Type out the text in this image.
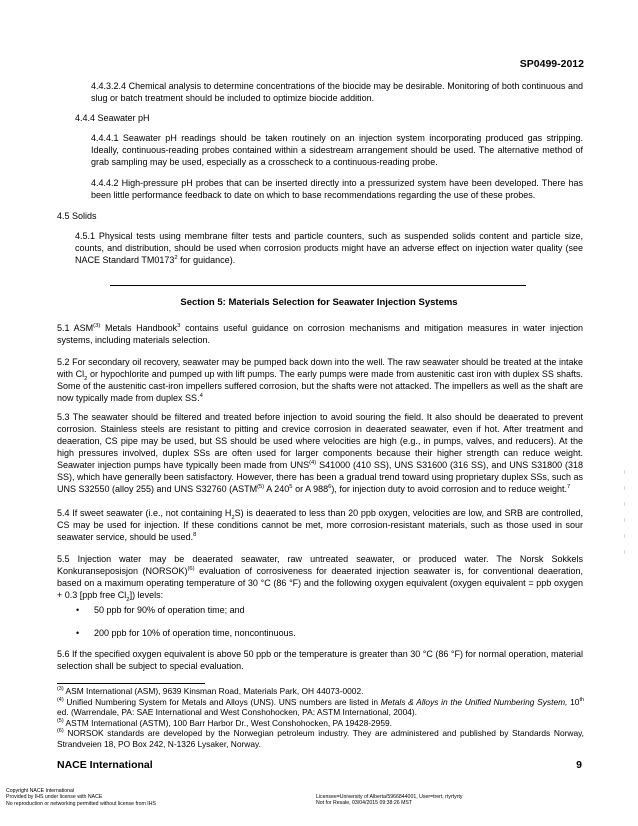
SP0499-2012

4.4.3.2.4 Chemical analysis to determine concentrations of the biocide may be desirable. Monitoring of both continuous and slug or batch treatment should be included to optimize biocide addition.

4.4.4 Seawater pH

4.4.4.1 Seawater pH readings should be taken routinely on an injection system incorporating produced gas stripping. Ideally, continuous-reading probes contained within a sidestream arrangement should be used. The alternative method of grab sampling may be used, especially as a crosscheck to a continuous-reading probe.

4.4.4.2 High-pressure pH probes that can be inserted directly into a pressurized system have been developed. There has been little performance feedback to date on which to base recommendations regarding the use of these probes.

4.5 Solids

4.5.1 Physical tests using membrane filter tests and particle counters, such as suspended solids content and particle size, counts, and distribution, should be used when corrosion products might have an adverse effect on injection water quality (see NACE Standard TM0173$^2$ for guidance).

Section 5: Materials Selection for Seawater Injection Systems

5.1 ASM$^{(3)}$ Metals Handbook$^3$ contains useful guidance on corrosion mechanisms and mitigation measures in water injection systems, including materials selection.

5.2 For secondary oil recovery, seawater may be pumped back down into the well. The raw seawater should be treated at the intake with $Cl_2$ or hypochlorite and pumped up with lift pumps. The early pumps were made from austenitic cast iron with duplex SS shafts. Some of the austenitic cast-iron impellers suffered corrosion, but the shafts were not attacked. The impellers as well as the shaft are now typically made from duplex SS.$^4$

5.3 The seawater should be filtered and treated before injection to avoid souring the field. It also should be deaerated to prevent corrosion. Stainless steels are resistant to pitting and crevice corrosion in deaerated seawater, even if hot. After treatment and deaeration, CS pipe may be used, but SS should be used where velocities are high (e.g., in pumps, valves, and reducers). At the high pressures involved, duplex SSs are often used for larger components because their higher strength can reduce weight. Seawater injection pumps have typically been made from UNS$^{(4)}$ S41000 (410 SS), UNS S31600 (316 SS), and UNS S31800 (318 SS), which have generally been satisfactory. However, there has been a gradual trend toward using proprietary duplex SSs, such as UNS S32550 (alloy 255) and UNS S32760 (ASTM$^{(5)}$ A $240^5$ or A $988^6$), for injection duty to avoid corrosion and to reduce weight.$^7$

5.4 If sweet seawater (i.e., not containing $H_2S$) is deaerated to less than 20 ppb oxygen, velocities are low, and SRB are controlled, CS may be used for injection. If these conditions cannot be met, more corrosion-resistant materials, such as those used in sour seawater service, should be used.$^8$

5.5 Injection water may be deaerated seawater, raw untreated seawater, or produced water. The Norsk Sokkels Konkuranseposisjon (NORSOK)$^{(6)}$ evaluation of corrosiveness for deaerated injection seawater is, for conventional deaeration, based on a maximum operating temperature of 30 °C (86 °F) and the following oxygen equivalent (oxygen equivalent = ppb oxygen + 0.3 [ppb free $Cl_2$]) levels:

• 50 ppb for 90% of operation time; and
• 200 ppb for 10% of operation time, noncontinuous.

5.6 If the specified oxygen equivalent is above 50 ppb or the temperature is greater than 30 °C (86 °F) for normal operation, material selection shall be subject to special evaluation.

$^{(3)}$ ASM International (ASM), 9639 Kinsman Road, Materials Park, OH 44073-0002.

$^{(4)}$ Unified Numbering System for Metals and Alloys (UNS). UNS numbers are listed in Metals & Alloys in the Unified Numbering System, 10th ed. (Warrendale, PA: SAE International and West Conshohocken, PA: ASTM International, 2004).

$^{(5)}$ ASTM International (ASTM), 100 Barr Harbor Dr., West Conshohocken, PA 19428-2959.

$^{(6)}$ NORSOK standards are developed by the Norwegian petroleum industry. They are administered and published by Standards Norway, Strandveien 18, PO Box 242, N-1326 Lysaker, Norway.

NACE International	9
Copyright NACE International
Provided by IHS under license with NACE
No reproduction or networking permitted without license from IHS
Licensee=University of Alberta/5966844001, User=trert, rtyrtyrty
Not for Resale, 03/04/2015 09:38:26 MST
